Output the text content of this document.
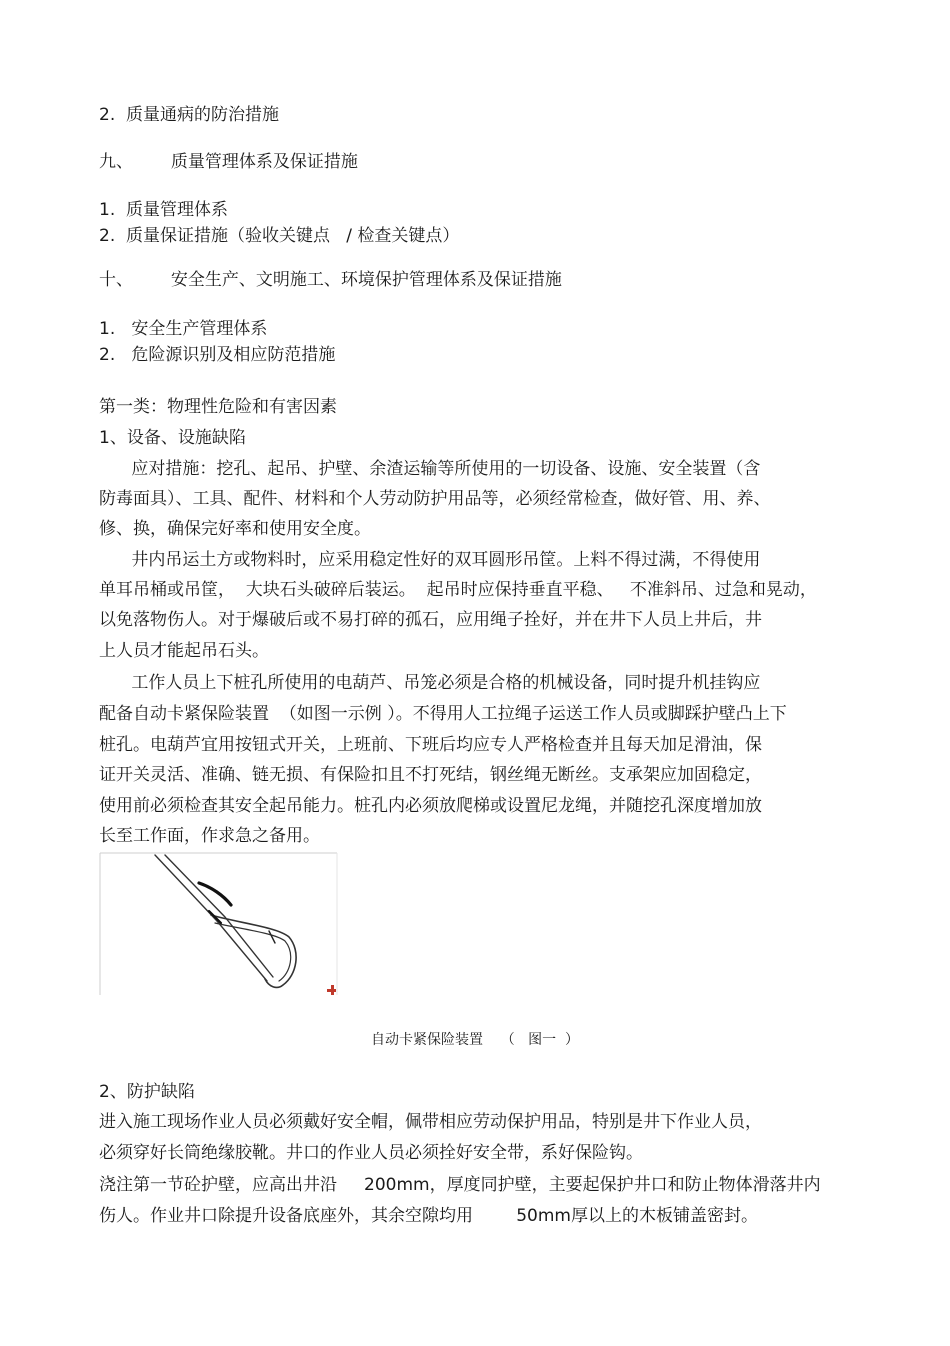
2.  质量通病的防治措施
九、       质量管理体系及保证措施
1.  质量管理体系
2.  质量保证措施（验收关键点   / 检查关键点）
十、       安全生产、文明施工、环境保护管理体系及保证措施
1.   安全生产管理体系
2.   危险源识别及相应防范措施
第一类：物理性危险和有害因素
1、设备、设施缺陷
应对措施：挖孔、起吊、护壁、余渣运输等所使用的一切设备、设施、安全装置（含
防毒面具）、工具、配件、材料和个人劳动防护用品等，必须经常检查，做好管、用、养、
修、换，确保完好率和使用安全度。
井内吊运土方或物料时，应采用稳定性好的双耳圆形吊筐。上料不得过满，不得使用
单耳吊桶或吊筐，  大块石头破碎后装运。  起吊时应保持垂直平稳、   不准斜吊、过急和晃动，
以免落物伤人。对于爆破后或不易打碎的孤石，应用绳子拴好，并在井下人员上井后，井
上人员才能起吊石头。
工作人员上下桩孔所使用的电葫芦、吊笼必须是合格的机械设备，同时提升机挂钩应
配备自动卡紧保险装置  （如图一示例 ）。不得用人工拉绳子运送工作人员或脚踩护壁凸上下
桩孔。电葫芦宜用按钮式开关，上班前、下班后均应专人严格检查并且每天加足滑油，保
证开关灵活、准确、链无损、有保险扣且不打死结，钢丝绳无断丝。支承架应加固稳定，
使用前必须检查其安全起吊能力。桩孔内必须放爬梯或设置尼龙绳，并随挖孔深度增加放
长至工作面，作求急之备用。
自动卡紧保险装置    （   图一  ）
2、防护缺陷
进入施工现场作业人员必须戴好安全帽，佩带相应劳动保护用品，特别是井下作业人员，
必须穿好长筒绝缘胶靴。井口的作业人员必须拴好安全带，系好保险钩。
浇注第一节砼护壁，应高出井沿     200mm，厚度同护壁，主要起保护井口和防止物体滑落井内
伤人。作业井口除提升设备底座外，其余空隙均用        50mm厚以上的木板铺盖密封。
